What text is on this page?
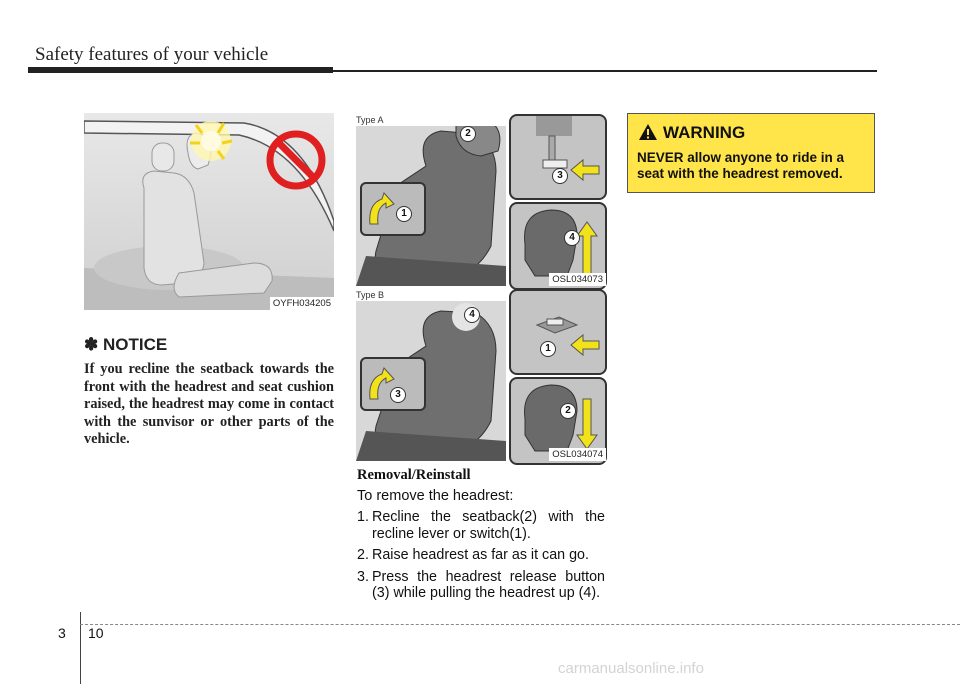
Safety features of your vehicle
OYFH034205
Type A
1
2
3
4
OSL034073
Type B
1
2
3
4
OSL034074
✽ NOTICE
If you recline the seatback towards the front with the headrest and seat cushion raised, the headrest may come in contact with the sunvisor or other parts of the vehicle.
Removal/Reinstall
To remove the headrest:
1. Recline the seatback(2) with the recline lever or switch(1).
2. Raise headrest as far as it can go.
3. Press the headrest release button (3) while pulling the headrest up (4).
WARNING
NEVER allow anyone to ride in a seat with the headrest removed.
3 10
carmanualsonline.info
